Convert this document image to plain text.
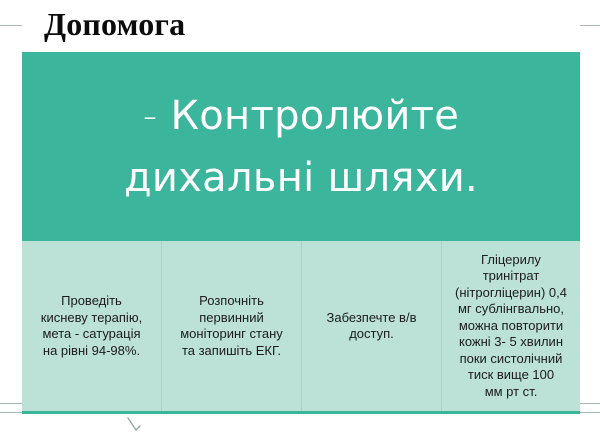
Допомога

- Контролюйте
дихальні шляхи.

Проведіть
кисневу терапію,
мета - сатурація
на рівні 94-98%.
Розпочніть
первинний
моніторинг стану
та запишіть ЕКГ.
Забезпечте в/в
доступ.
Гліцерилу
тринітрат
(нітрогліцерин) 0,4
мг сублінгвально,
можна повторити
кожні 3- 5 хвилин
поки систолічний
тиск вище 100
мм рт ст.
